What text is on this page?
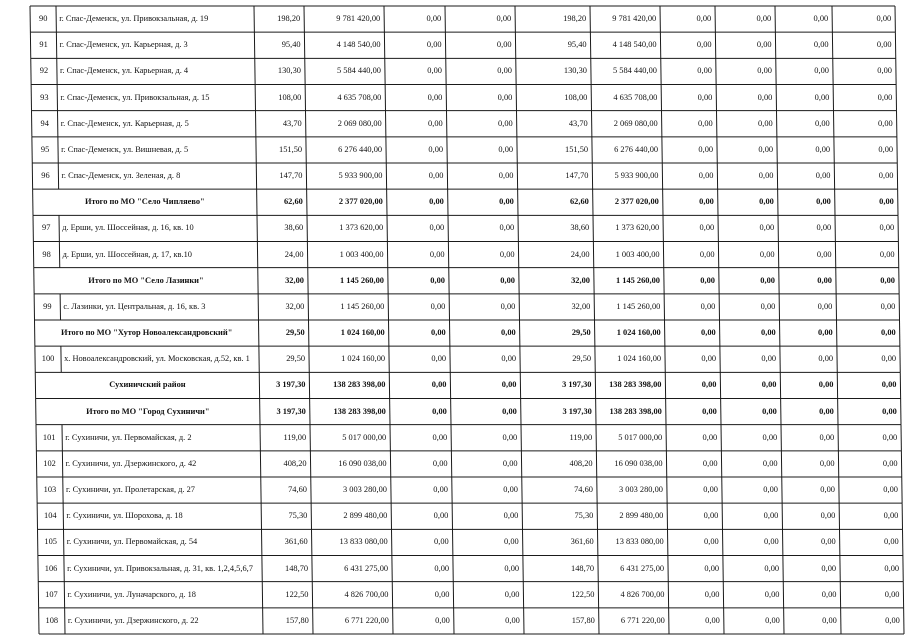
90	г. Спас-Деменск, ул. Привокзальная, д. 19	198,20	9 781 420,00	0,00	0,00	198,20	9 781 420,00	0,00	0,00	0,00	0,00
91	г. Спас-Деменск, ул. Карьерная, д. 3	95,40	4 148 540,00	0,00	0,00	95,40	4 148 540,00	0,00	0,00	0,00	0,00
92	г. Спас-Деменск, ул. Карьерная, д. 4	130,30	5 584 440,00	0,00	0,00	130,30	5 584 440,00	0,00	0,00	0,00	0,00
93	г. Спас-Деменск, ул. Привокзальная, д. 15	108,00	4 635 708,00	0,00	0,00	108,00	4 635 708,00	0,00	0,00	0,00	0,00
94	г. Спас-Деменск, ул. Карьерная, д. 5	43,70	2 069 080,00	0,00	0,00	43,70	2 069 080,00	0,00	0,00	0,00	0,00
95	г. Спас-Деменск, ул. Вишневая, д. 5	151,50	6 276 440,00	0,00	0,00	151,50	6 276 440,00	0,00	0,00	0,00	0,00
96	г. Спас-Деменск, ул. Зеленая, д. 8	147,70	5 933 900,00	0,00	0,00	147,70	5 933 900,00	0,00	0,00	0,00	0,00
Итого по МО "Село Чипляево"	62,60	2 377 020,00	0,00	0,00	62,60	2 377 020,00	0,00	0,00	0,00	0,00
97	д. Ерши, ул. Шоссейная, д. 16, кв. 10	38,60	1 373 620,00	0,00	0,00	38,60	1 373 620,00	0,00	0,00	0,00	0,00
98	д. Ерши, ул. Шоссейная, д. 17, кв.10	24,00	1 003 400,00	0,00	0,00	24,00	1 003 400,00	0,00	0,00	0,00	0,00
Итого по МО "Село Лазинки"	32,00	1 145 260,00	0,00	0,00	32,00	1 145 260,00	0,00	0,00	0,00	0,00
99	с. Лазинки, ул. Центральная, д. 16, кв. 3	32,00	1 145 260,00	0,00	0,00	32,00	1 145 260,00	0,00	0,00	0,00	0,00
Итого по МО "Хутор Новоалександровский"	29,50	1 024 160,00	0,00	0,00	29,50	1 024 160,00	0,00	0,00	0,00	0,00
100	х. Новоалександровский, ул. Московская, д.52, кв. 1	29,50	1 024 160,00	0,00	0,00	29,50	1 024 160,00	0,00	0,00	0,00	0,00
Сухиничский район	3 197,30	138 283 398,00	0,00	0,00	3 197,30	138 283 398,00	0,00	0,00	0,00	0,00
Итого по МО "Город Сухиничи"	3 197,30	138 283 398,00	0,00	0,00	3 197,30	138 283 398,00	0,00	0,00	0,00	0,00
101	г. Сухиничи, ул. Первомайская, д. 2	119,00	5 017 000,00	0,00	0,00	119,00	5 017 000,00	0,00	0,00	0,00	0,00
102	г. Сухиничи, ул. Дзержинского, д. 42	408,20	16 090 038,00	0,00	0,00	408,20	16 090 038,00	0,00	0,00	0,00	0,00
103	г. Сухиничи, ул. Пролетарская, д. 27	74,60	3 003 280,00	0,00	0,00	74,60	3 003 280,00	0,00	0,00	0,00	0,00
104	г. Сухиничи, ул. Шорохова, д. 18	75,30	2 899 480,00	0,00	0,00	75,30	2 899 480,00	0,00	0,00	0,00	0,00
105	г. Сухиничи, ул. Первомайская, д. 54	361,60	13 833 080,00	0,00	0,00	361,60	13 833 080,00	0,00	0,00	0,00	0,00
106	г. Сухиничи, ул. Привокзальная, д. 31, кв. 1,2,4,5,6,7	148,70	6 431 275,00	0,00	0,00	148,70	6 431 275,00	0,00	0,00	0,00	0,00
107	г. Сухиничи, ул. Луначарского, д. 18	122,50	4 826 700,00	0,00	0,00	122,50	4 826 700,00	0,00	0,00	0,00	0,00
108	г. Сухиничи, ул. Дзержинского, д. 22	157,80	6 771 220,00	0,00	0,00	157,80	6 771 220,00	0,00	0,00	0,00	0,00
